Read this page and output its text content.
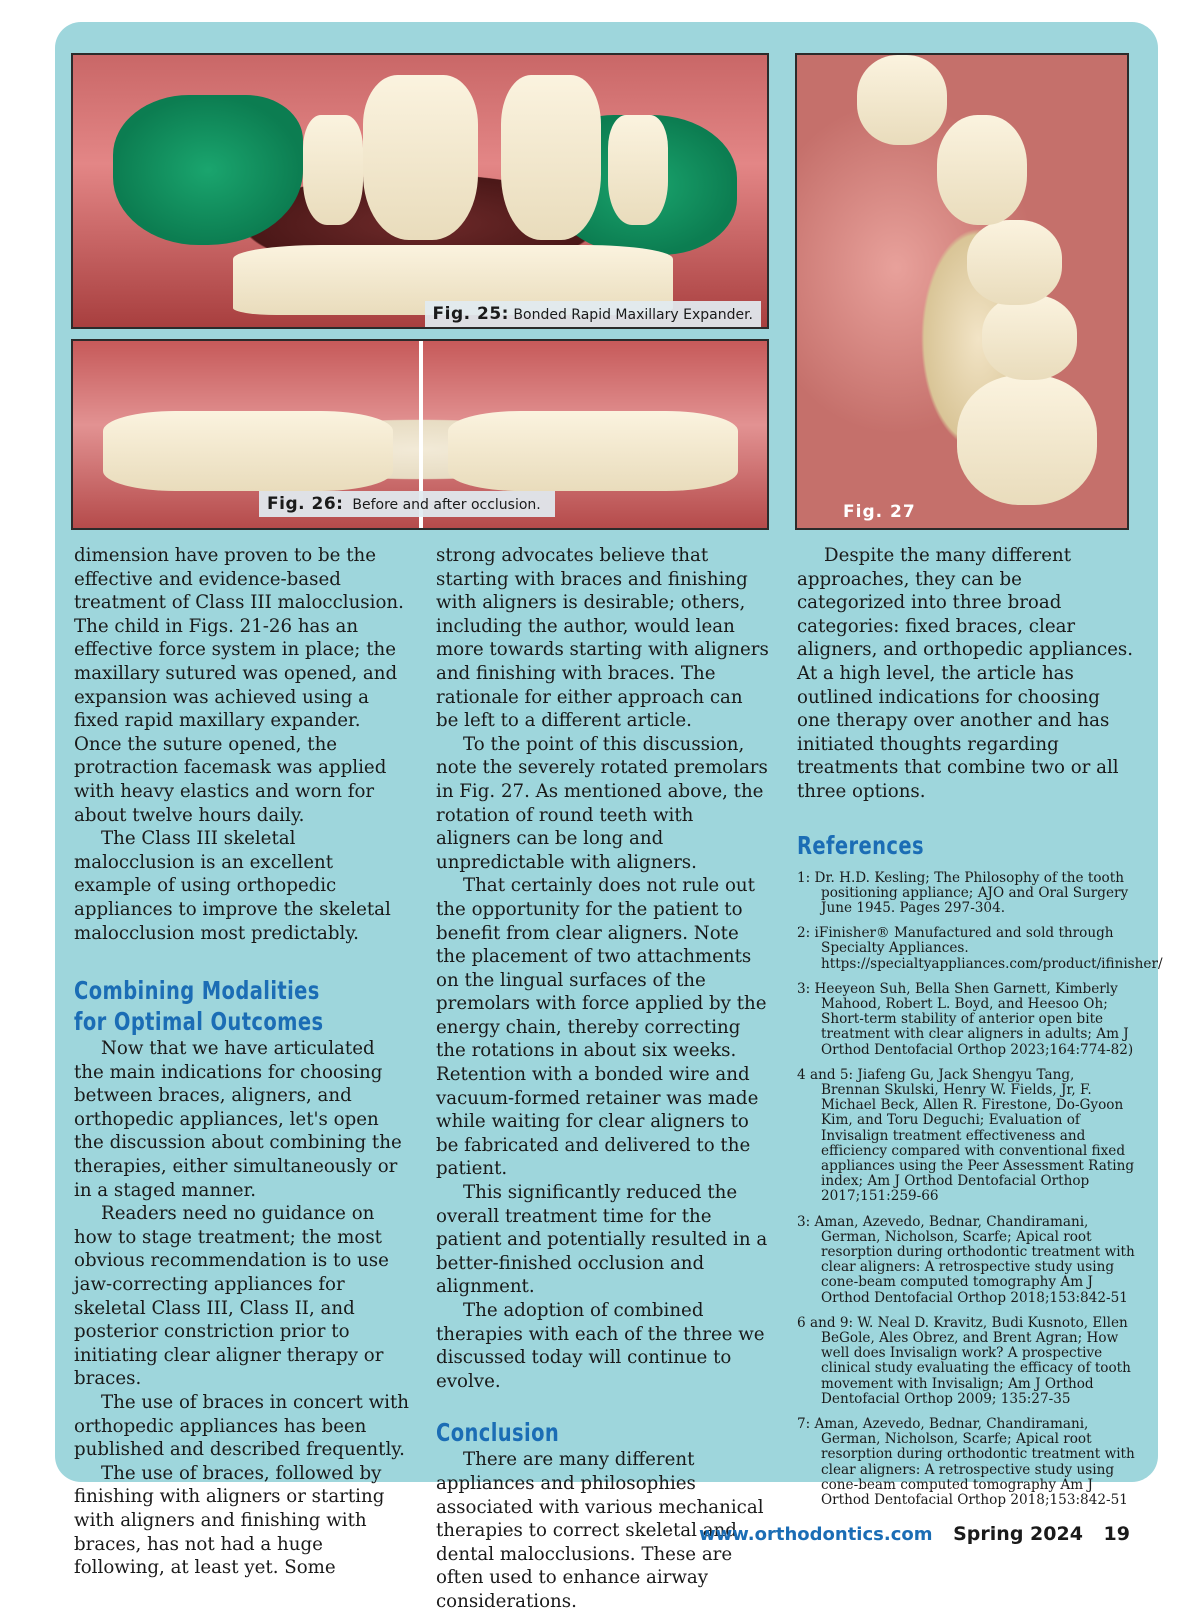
Fig. 25: Bonded Rapid Maxillary Expander.
Fig. 26: Before and after occlusion.	Fig. 27

dimension have proven to be the effective and evidence-based treatment of Class III malocclusion. The child in Figs. 21-26 has an effective force system in place; the maxillary sutured was opened, and expansion was achieved using a fixed rapid maxillary expander. Once the suture opened, the protraction facemask was applied with heavy elastics and worn for about twelve hours daily.

The Class III skeletal malocclusion is an excellent example of using orthopedic appliances to improve the skeletal malocclusion most predictably.

Combining Modalities
for Optimal Outcomes

Now that we have articulated the main indications for choosing between braces, aligners, and orthopedic appliances, let's open the discussion about combining the therapies, either simultaneously or in a staged manner.

Readers need no guidance on how to stage treatment; the most obvious recommendation is to use jaw-correcting appliances for skeletal Class III, Class II, and posterior constriction prior to initiating clear aligner therapy or braces.

The use of braces in concert with orthopedic appliances has been published and described frequently.

The use of braces, followed by finishing with aligners or starting with aligners and finishing with braces, has not had a huge following, at least yet. Some

strong advocates believe that starting with braces and finishing with aligners is desirable; others, including the author, would lean more towards starting with aligners and finishing with braces. The rationale for either approach can be left to a different article.

To the point of this discussion, note the severely rotated premolars in Fig. 27. As mentioned above, the rotation of round teeth with aligners can be long and unpredictable with aligners.

That certainly does not rule out the opportunity for the patient to benefit from clear aligners. Note the placement of two attachments on the lingual surfaces of the premolars with force applied by the energy chain, thereby correcting the rotations in about six weeks. Retention with a bonded wire and vacuum-formed retainer was made while waiting for clear aligners to be fabricated and delivered to the patient.

This significantly reduced the overall treatment time for the patient and potentially resulted in a better-finished occlusion and alignment.

The adoption of combined therapies with each of the three we discussed today will continue to evolve.

Conclusion

There are many different appliances and philosophies associated with various mechanical therapies to correct skeletal and dental malocclusions. These are often used to enhance airway considerations.

Despite the many different approaches, they can be categorized into three broad categories: fixed braces, clear aligners, and orthopedic appliances. At a high level, the article has outlined indications for choosing one therapy over another and has initiated thoughts regarding treatments that combine two or all three options.

References
1: Dr. H.D. Kesling; The Philosophy of the tooth positioning appliance; AJO and Oral Surgery June 1945. Pages 297-304.
2: iFinisher® Manufactured and sold through Specialty Appliances. https://specialtyappliances.com/product/ifinisher/
3: Heeyeon Suh, Bella Shen Garnett, Kimberly Mahood, Robert L. Boyd, and Heesoo Oh; Short-term stability of anterior open bite treatment with clear aligners in adults; Am J Orthod Dentofacial Orthop 2023;164:774-82)
4 and 5: Jiafeng Gu, Jack Shengyu Tang, Brennan Skulski, Henry W. Fields, Jr, F. Michael Beck, Allen R. Firestone, Do-Gyoon Kim, and Toru Deguchi; Evaluation of Invisalign treatment effectiveness and efficiency compared with conventional fixed appliances using the Peer Assessment Rating index; Am J Orthod Dentofacial Orthop 2017;151:259-66
3: Aman, Azevedo, Bednar, Chandiramani, German, Nicholson, Scarfe; Apical root resorption during orthodontic treatment with clear aligners: A retrospective study using cone-beam computed tomography Am J Orthod Dentofacial Orthop 2018;153:842-51
6 and 9: W. Neal D. Kravitz, Budi Kusnoto, Ellen BeGole, Ales Obrez, and Brent Agran; How well does Invisalign work? A prospective clinical study evaluating the efficacy of tooth movement with Invisalign; Am J Orthod Dentofacial Orthop 2009; 135:27-35
7: Aman, Azevedo, Bednar, Chandiramani, German, Nicholson, Scarfe; Apical root resorption during orthodontic treatment with clear aligners: A retrospective study using cone-beam computed tomography Am J Orthod Dentofacial Orthop 2018;153:842-51
www.orthodontics.com Spring 2024 19
